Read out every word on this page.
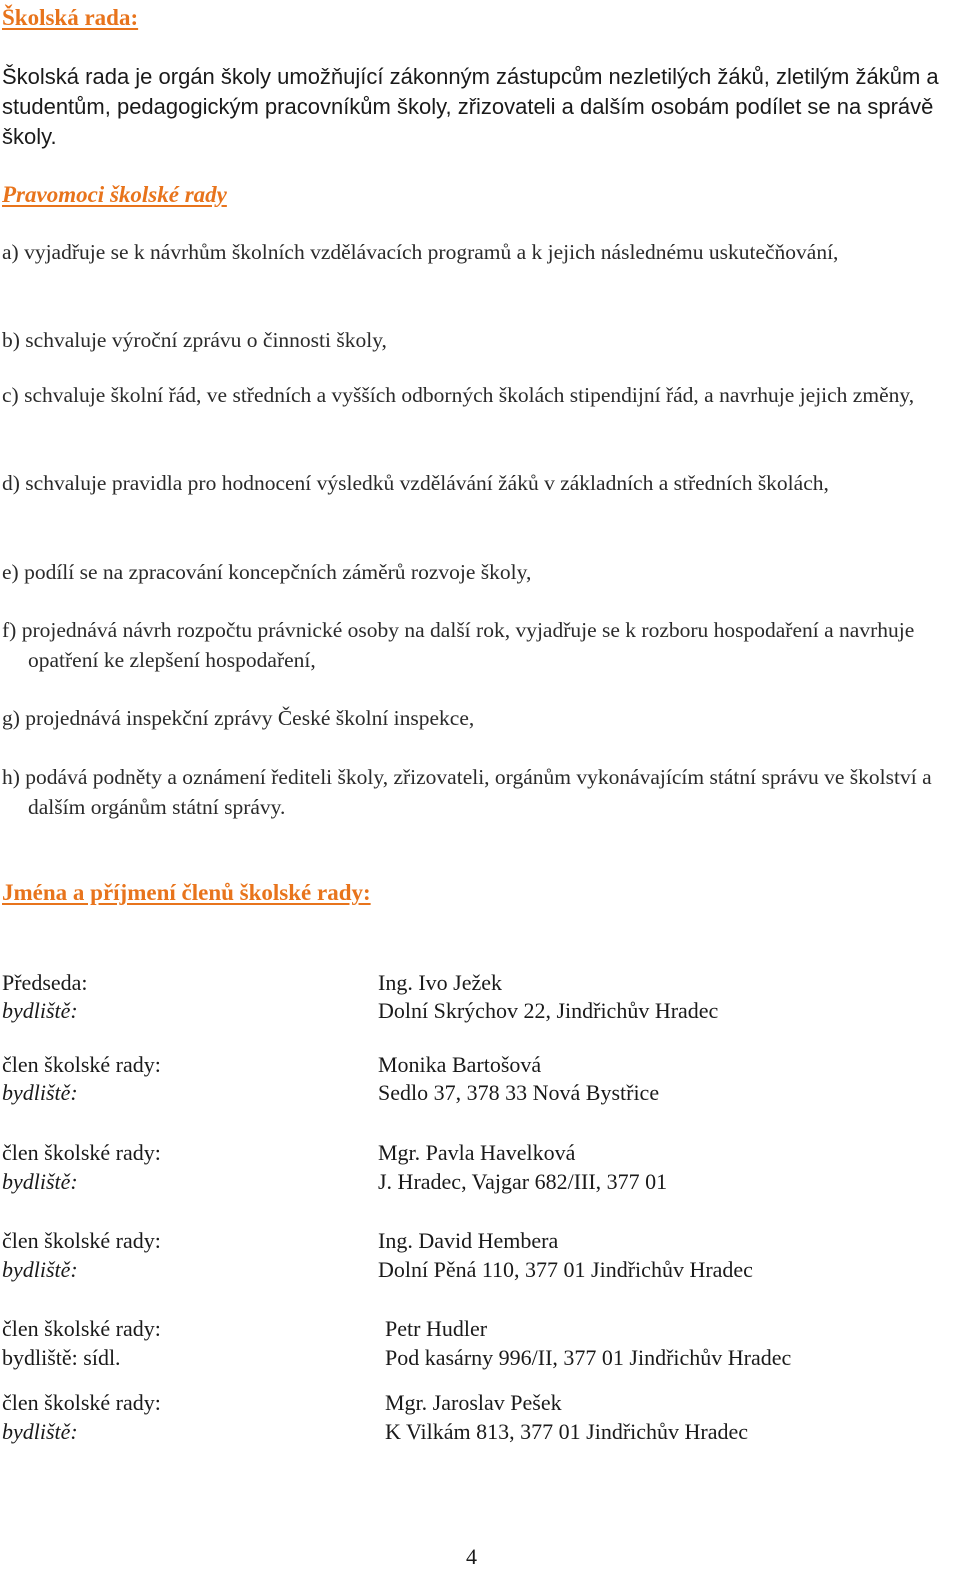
Školská rada:

Školská rada je orgán školy umožňující zákonným zástupcům nezletilých žáků, zletilým žákům a studentům, pedagogickým pracovníkům školy, zřizovateli a dalším osobám podílet se na správě školy.

Pravomoci školské rady

a) vyjadřuje se k návrhům školních vzdělávacích programů a k jejich následnému uskutečňování,

b) schvaluje výroční zprávu o činnosti školy,

c) schvaluje školní řád, ve středních a vyšších odborných školách stipendijní řád, a navrhuje jejich změny,

d) schvaluje pravidla pro hodnocení výsledků vzdělávání žáků v základních a středních školách,

e) podílí se na zpracování koncepčních záměrů rozvoje školy,

f) projednává návrh rozpočtu právnické osoby na další rok, vyjadřuje se k rozboru hospodaření a navrhuje opatření ke zlepšení hospodaření,

g) projednává inspekční zprávy České školní inspekce,

h) podává podněty a oznámení řediteli školy, zřizovateli, orgánům vykonávajícím státní správu ve školství a dalším orgánům státní správy.

Jména a příjmení členů školské rady:
Předseda:	Ing. Ivo Ježek
bydliště:	Dolní Skrýchov 22, Jindřichův Hradec
člen školské rady:	Monika Bartošová
bydliště:	Sedlo 37, 378 33 Nová Bystřice
člen školské rady:	Mgr. Pavla Havelková
bydliště:	J. Hradec, Vajgar 682/III, 377 01
člen školské rady:	Ing. David Hembera
bydliště:	Dolní Pěná 110, 377 01 Jindřichův Hradec
člen školské rady:	Petr Hudler
bydliště: sídl.	Pod kasárny 996/II, 377 01 Jindřichův Hradec
člen školské rady:	Mgr. Jaroslav Pešek
bydliště:	K Vilkám 813, 377 01 Jindřichův Hradec
4
